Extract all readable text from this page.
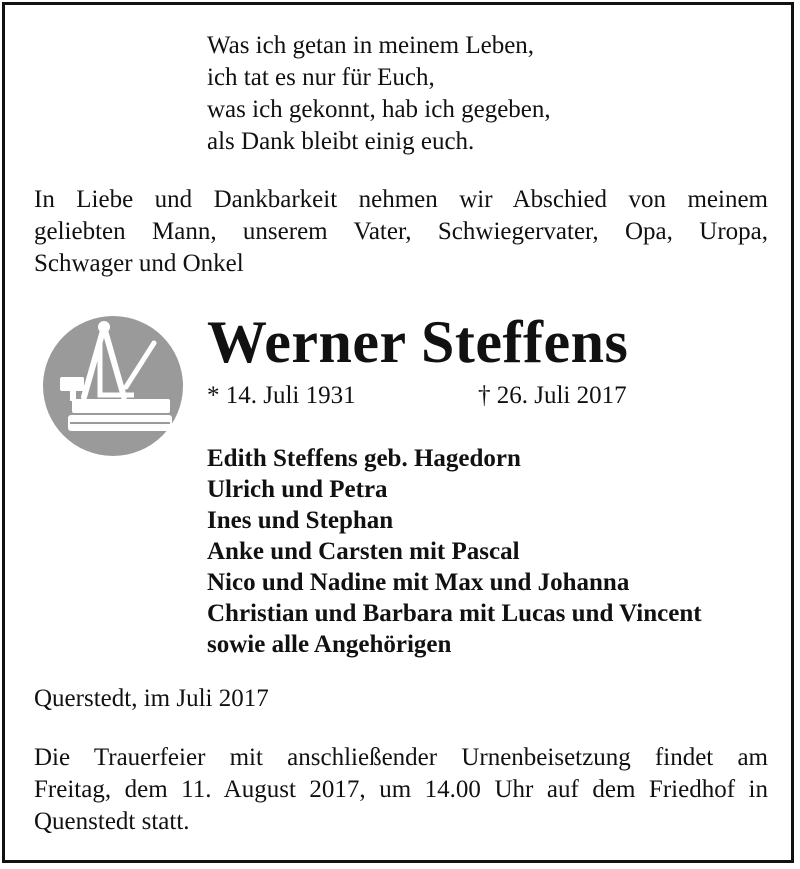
Was ich getan in meinem Leben,
ich tat es nur für Euch,
was ich gekonnt, hab ich gegeben,
als Dank bleibt einig euch.
In Liebe und Dankbarkeit nehmen wir Abschied von meinem
geliebten Mann, unserem Vater, Schwiegervater, Opa, Uropa,
Schwager und Onkel
Werner Steffens
* 14. Juli 1931	† 26. Juli 2017
Edith Steffens geb. Hagedorn
Ulrich und Petra
Ines und Stephan
Anke und Carsten mit Pascal
Nico und Nadine mit Max und Johanna
Christian und Barbara mit Lucas und Vincent
sowie alle Angehörigen
Querstedt, im Juli 2017
Die Trauerfeier mit anschließender Urnenbeisetzung findet am
Freitag, dem 11. August 2017, um 14.00 Uhr auf dem Friedhof in
Quenstedt statt.
